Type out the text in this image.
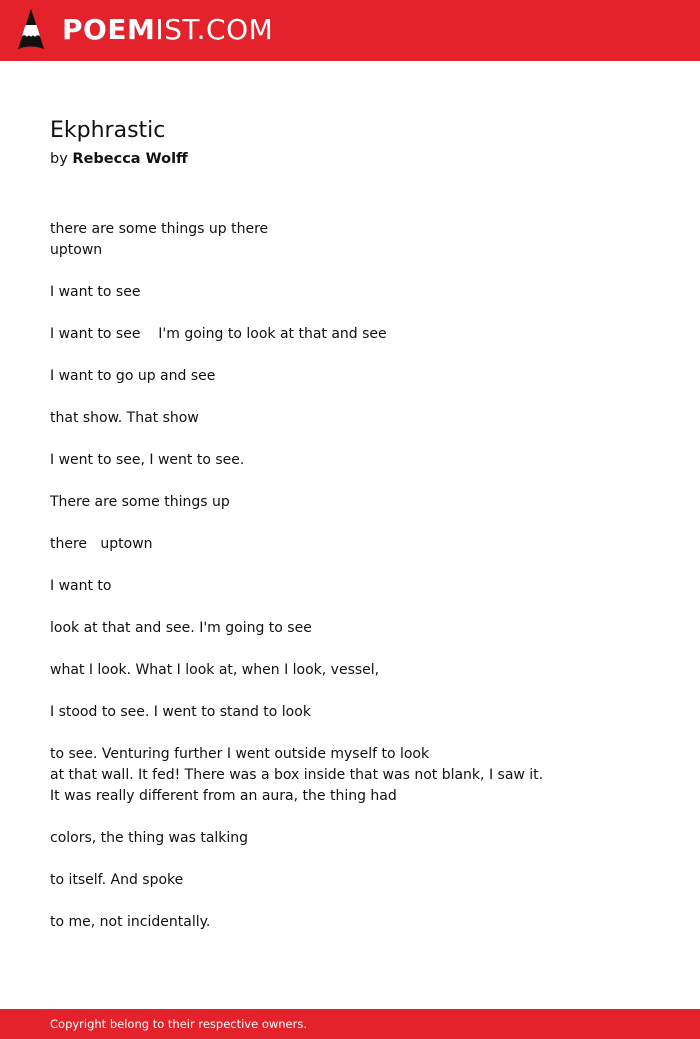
POEMIST.COM
Ekphrastic
by Rebecca Wolff
there are some things up there
uptown
I want to see
I want to see    I'm going to look at that and see
I want to go up and see
that show. That show
I went to see, I went to see.
There are some things up
there   uptown
I want to
look at that and see. I'm going to see
what I look. What I look at, when I look, vessel,
I stood to see. I went to stand to look
to see. Venturing further I went outside myself to look
at that wall. It fed! There was a box inside that was not blank, I saw it.
It was really different from an aura, the thing had
colors, the thing was talking
to itself. And spoke
to me, not incidentally.
Copyright belong to their respective owners.
